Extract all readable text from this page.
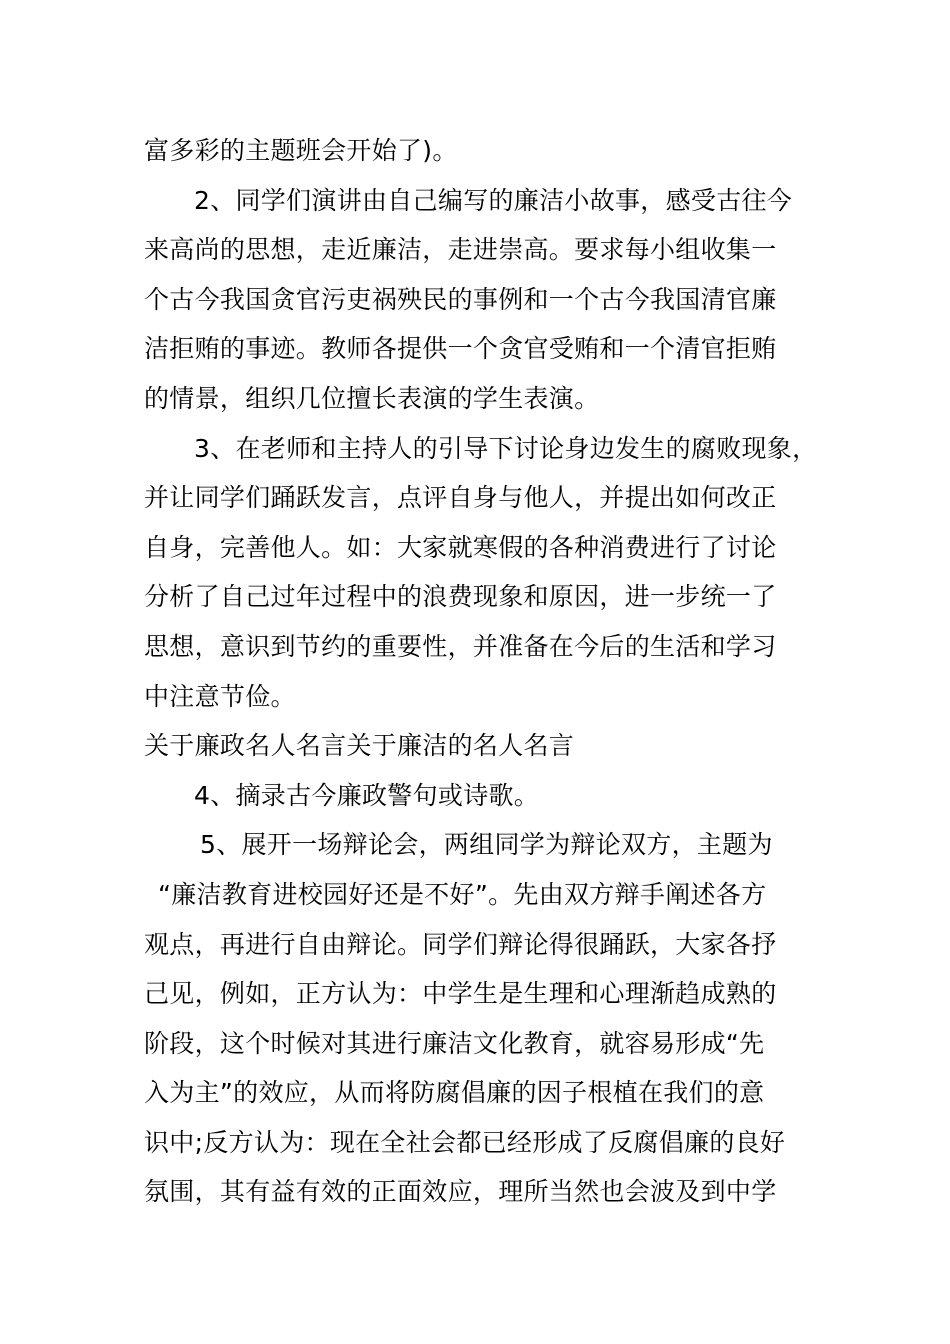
富多彩的主题班会开始了)。
2、同学们演讲由自己编写的廉洁小故事，感受古往今
来高尚的思想，走近廉洁，走进崇高。要求每小组收集一
个古今我国贪官污吏祸殃民的事例和一个古今我国清官廉
洁拒贿的事迹。教师各提供一个贪官受贿和一个清官拒贿
的情景，组织几位擅长表演的学生表演。
3、在老师和主持人的引导下讨论身边发生的腐败现象，
并让同学们踊跃发言，点评自身与他人，并提出如何改正
自身，完善他人。如：大家就寒假的各种消费进行了讨论
分析了自己过年过程中的浪费现象和原因，进一步统一了
思想，意识到节约的重要性，并准备在今后的生活和学习
中注意节俭。
关于廉政名人名言关于廉洁的名人名言
4、摘录古今廉政警句或诗歌。
5、展开一场辩论会，两组同学为辩论双方，主题为
“廉洁教育进校园好还是不好”。先由双方辩手阐述各方
观点，再进行自由辩论。同学们辩论得很踊跃，大家各抒
己见，例如，正方认为：中学生是生理和心理渐趋成熟的
阶段，这个时候对其进行廉洁文化教育，就容易形成“先
入为主”的效应，从而将防腐倡廉的因子根植在我们的意
识中;反方认为：现在全社会都已经形成了反腐倡廉的良好
氛围，其有益有效的正面效应，理所当然也会波及到中学
